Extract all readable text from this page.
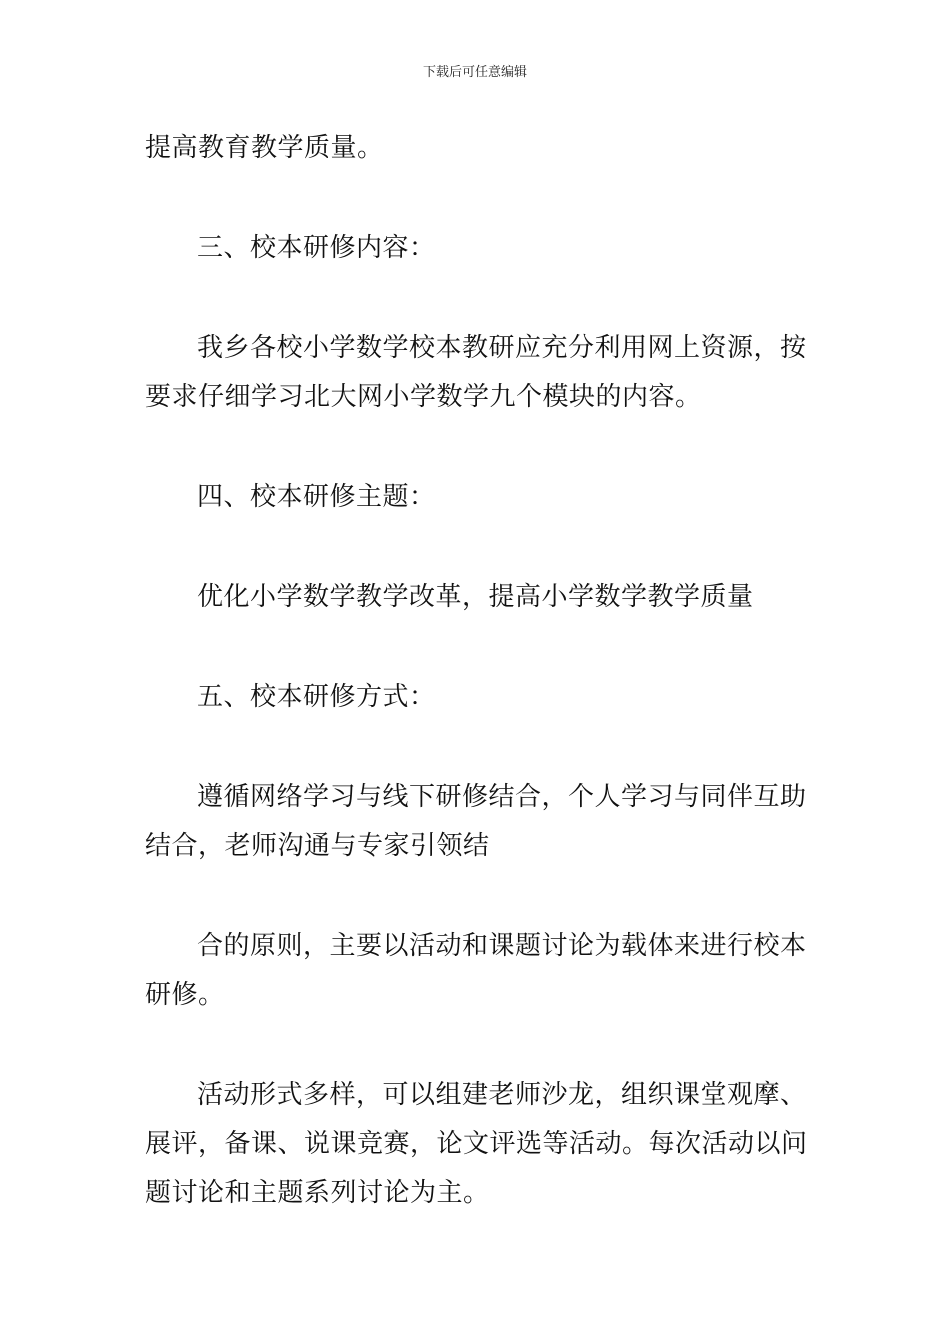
下载后可任意编辑

提高教育教学质量。

三、校本研修内容：

我乡各校小学数学校本教研应充分利用网上资源，按
要求仔细学习北大网小学数学九个模块的内容。

四、校本研修主题：

优化小学数学教学改革，提高小学数学教学质量

五、校本研修方式：

遵循网络学习与线下研修结合，个人学习与同伴互助
结合，老师沟通与专家引领结

合的原则，主要以活动和课题讨论为载体来进行校本
研修。

活动形式多样，可以组建老师沙龙，组织课堂观摩、
展评，备课、说课竞赛，论文评选等活动。每次活动以问
题讨论和主题系列讨论为主。
